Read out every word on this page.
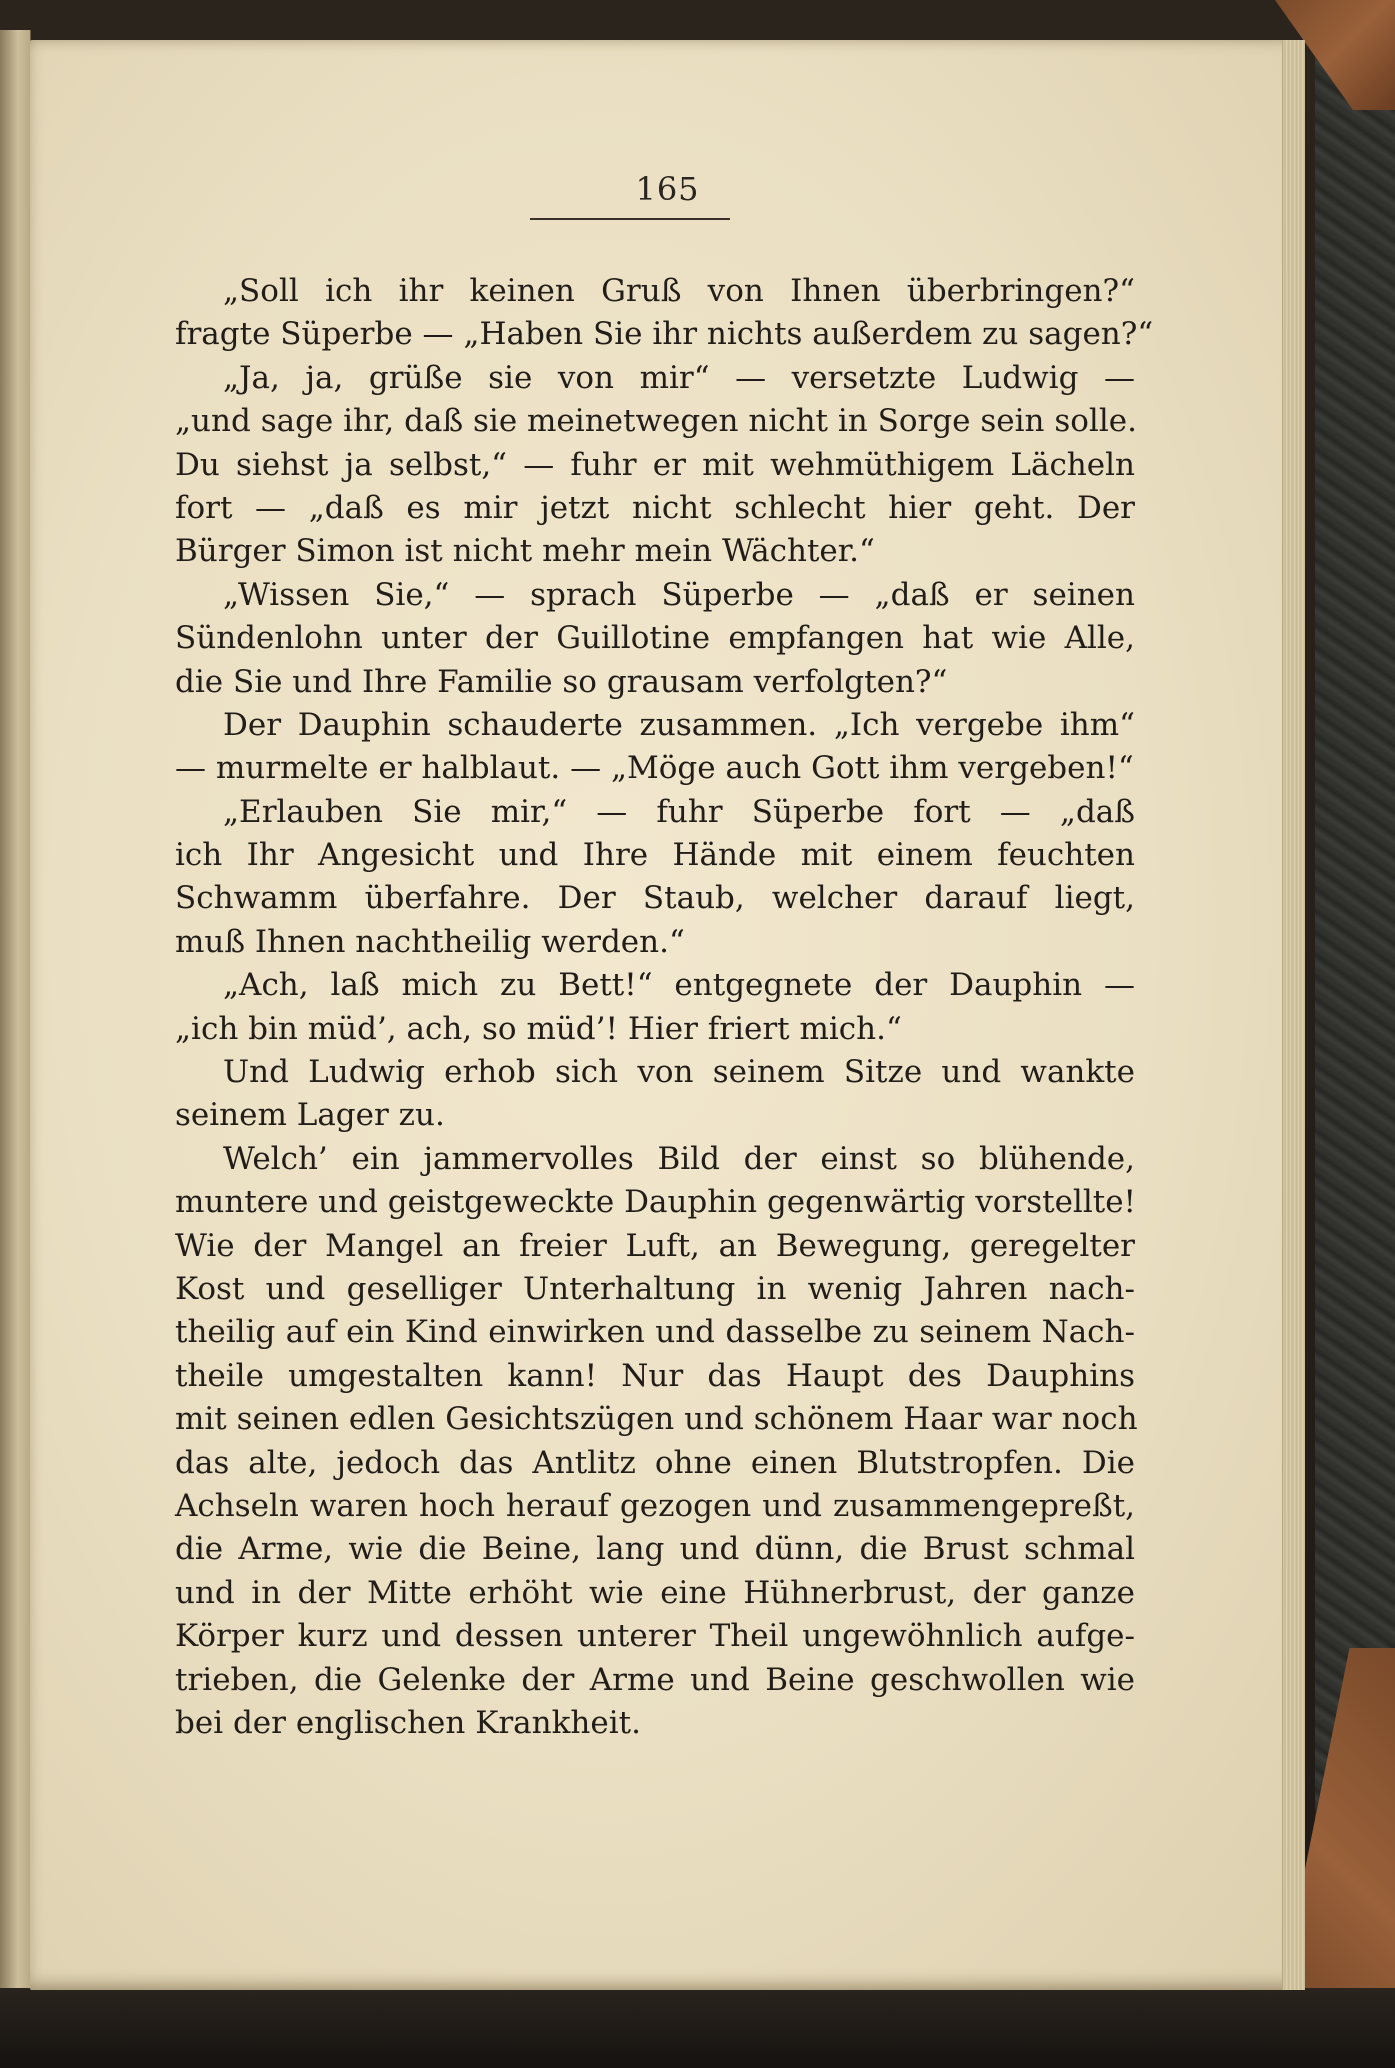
165
„Soll ich ihr keinen Gruß von Ihnen überbringen?“
fragte Süperbe — „Haben Sie ihr nichts außerdem zu sagen?“
„Ja, ja, grüße sie von mir“ — versetzte Ludwig —
„und sage ihr, daß sie meinetwegen nicht in Sorge sein solle.
Du siehst ja selbst,“ — fuhr er mit wehmüthigem Lächeln
fort — „daß es mir jetzt nicht schlecht hier geht. Der
Bürger Simon ist nicht mehr mein Wächter.“
„Wissen Sie,“ — sprach Süperbe — „daß er seinen
Sündenlohn unter der Guillotine empfangen hat wie Alle,
die Sie und Ihre Familie so grausam verfolgten?“
Der Dauphin schauderte zusammen. „Ich vergebe ihm“
— murmelte er halblaut. — „Möge auch Gott ihm vergeben!“
„Erlauben Sie mir,“ — fuhr Süperbe fort — „daß
ich Ihr Angesicht und Ihre Hände mit einem feuchten
Schwamm überfahre. Der Staub, welcher darauf liegt,
muß Ihnen nachtheilig werden.“
„Ach, laß mich zu Bett!“ entgegnete der Dauphin —
„ich bin müd’, ach, so müd’! Hier friert mich.“
Und Ludwig erhob sich von seinem Sitze und wankte
seinem Lager zu.
Welch’ ein jammervolles Bild der einst so blühende,
muntere und geistgeweckte Dauphin gegenwärtig vorstellte!
Wie der Mangel an freier Luft, an Bewegung, geregelter
Kost und geselliger Unterhaltung in wenig Jahren nach-
theilig auf ein Kind einwirken und dasselbe zu seinem Nach-
theile umgestalten kann! Nur das Haupt des Dauphins
mit seinen edlen Gesichtszügen und schönem Haar war noch
das alte, jedoch das Antlitz ohne einen Blutstropfen. Die
Achseln waren hoch herauf gezogen und zusammengepreßt,
die Arme, wie die Beine, lang und dünn, die Brust schmal
und in der Mitte erhöht wie eine Hühnerbrust, der ganze
Körper kurz und dessen unterer Theil ungewöhnlich aufge-
trieben, die Gelenke der Arme und Beine geschwollen wie
bei der englischen Krankheit.
